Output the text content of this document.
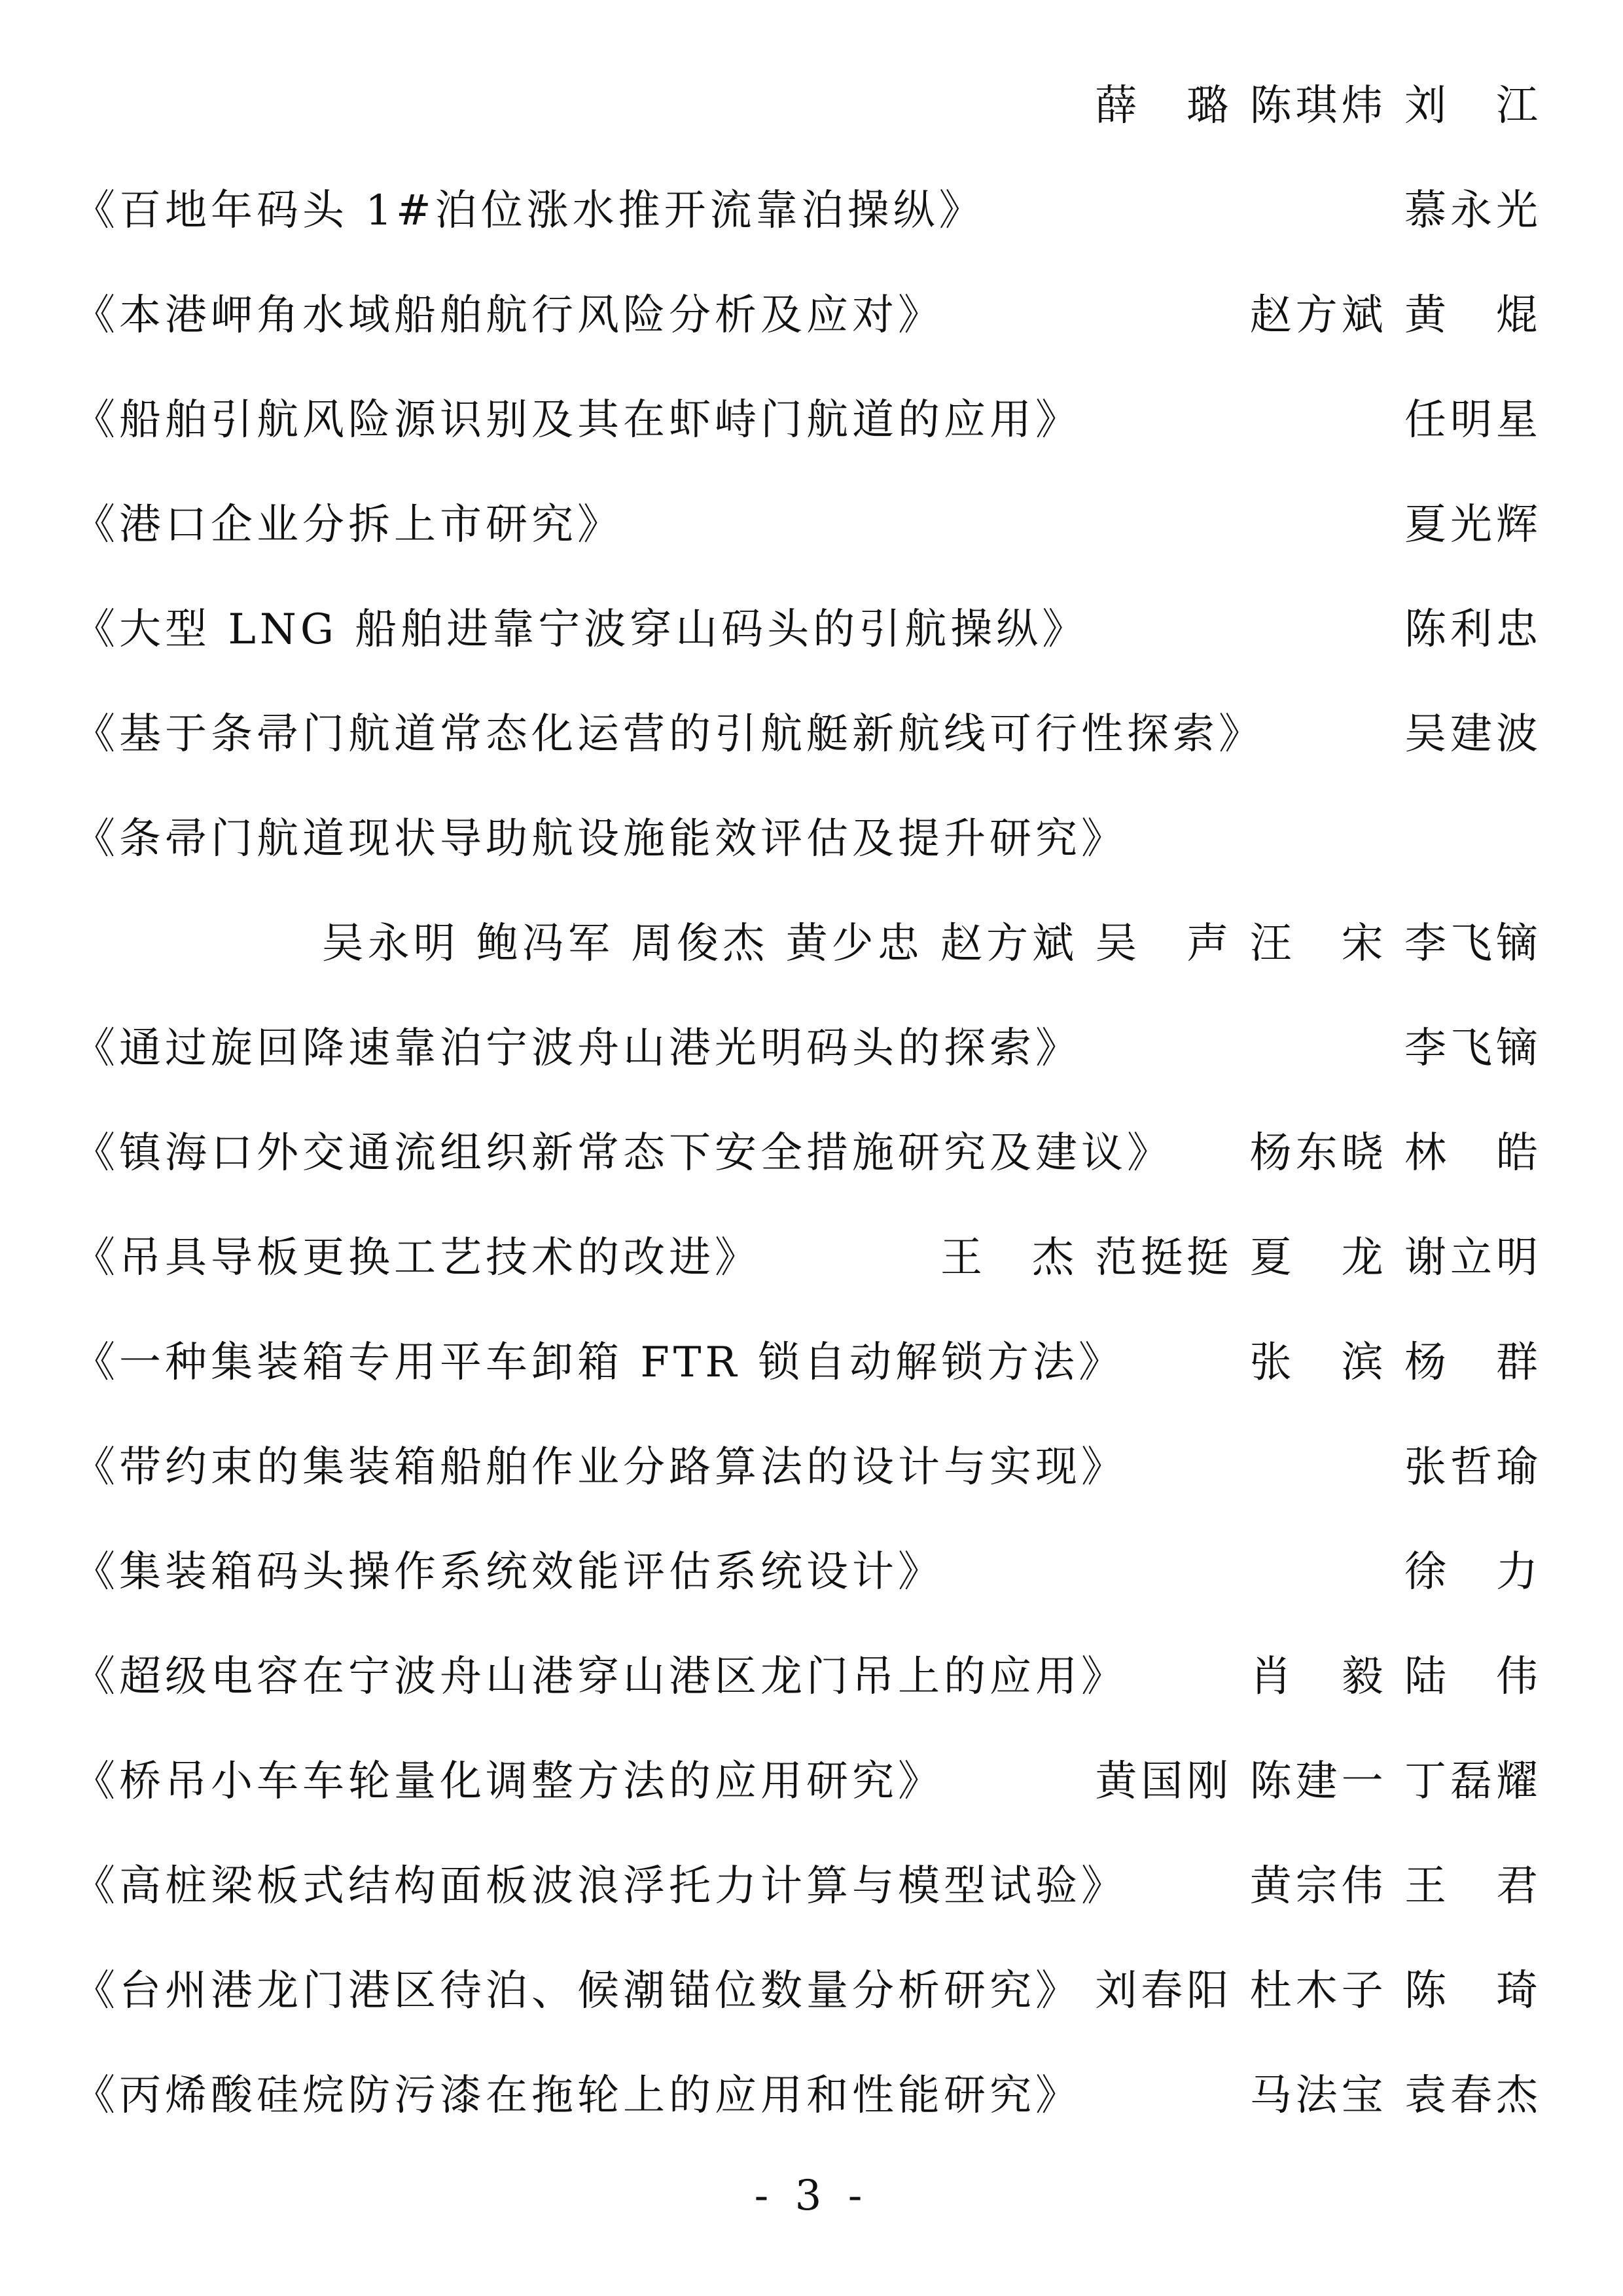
薛　璐 陈琪炜 刘　江
《百地年码头 1#泊位涨水推开流靠泊操纵》	慕永光
《本港岬角水域船舶航行风险分析及应对》	赵方斌 黄　焜
《船舶引航风险源识别及其在虾峙门航道的应用》	任明星
《港口企业分拆上市研究》	夏光辉
《大型 LNG 船舶进靠宁波穿山码头的引航操纵》	陈利忠
《基于条帚门航道常态化运营的引航艇新航线可行性探索》	吴建波
《条帚门航道现状导助航设施能效评估及提升研究》
吴永明 鲍冯军 周俊杰 黄少忠 赵方斌 吴　声 汪　宋 李飞镝
《通过旋回降速靠泊宁波舟山港光明码头的探索》	李飞镝
《镇海口外交通流组织新常态下安全措施研究及建议》 杨东晓 林　皓
《吊具导板更换工艺技术的改进》	王　杰 范挺挺 夏　龙 谢立明
《一种集装箱专用平车卸箱 FTR 锁自动解锁方法》	张　滨 杨　群
《带约束的集装箱船舶作业分路算法的设计与实现》	张哲瑜
《集装箱码头操作系统效能评估系统设计》	徐　力
《超级电容在宁波舟山港穿山港区龙门吊上的应用》	肖　毅 陆　伟
《桥吊小车车轮量化调整方法的应用研究》	黄国刚 陈建一 丁磊耀
《高桩梁板式结构面板波浪浮托力计算与模型试验》	黄宗伟 王　君
《台州港龙门港区待泊、候潮锚位数量分析研究》 刘春阳 杜木子 陈　琦
《丙烯酸硅烷防污漆在拖轮上的应用和性能研究》	马法宝 袁春杰
- 3 -
